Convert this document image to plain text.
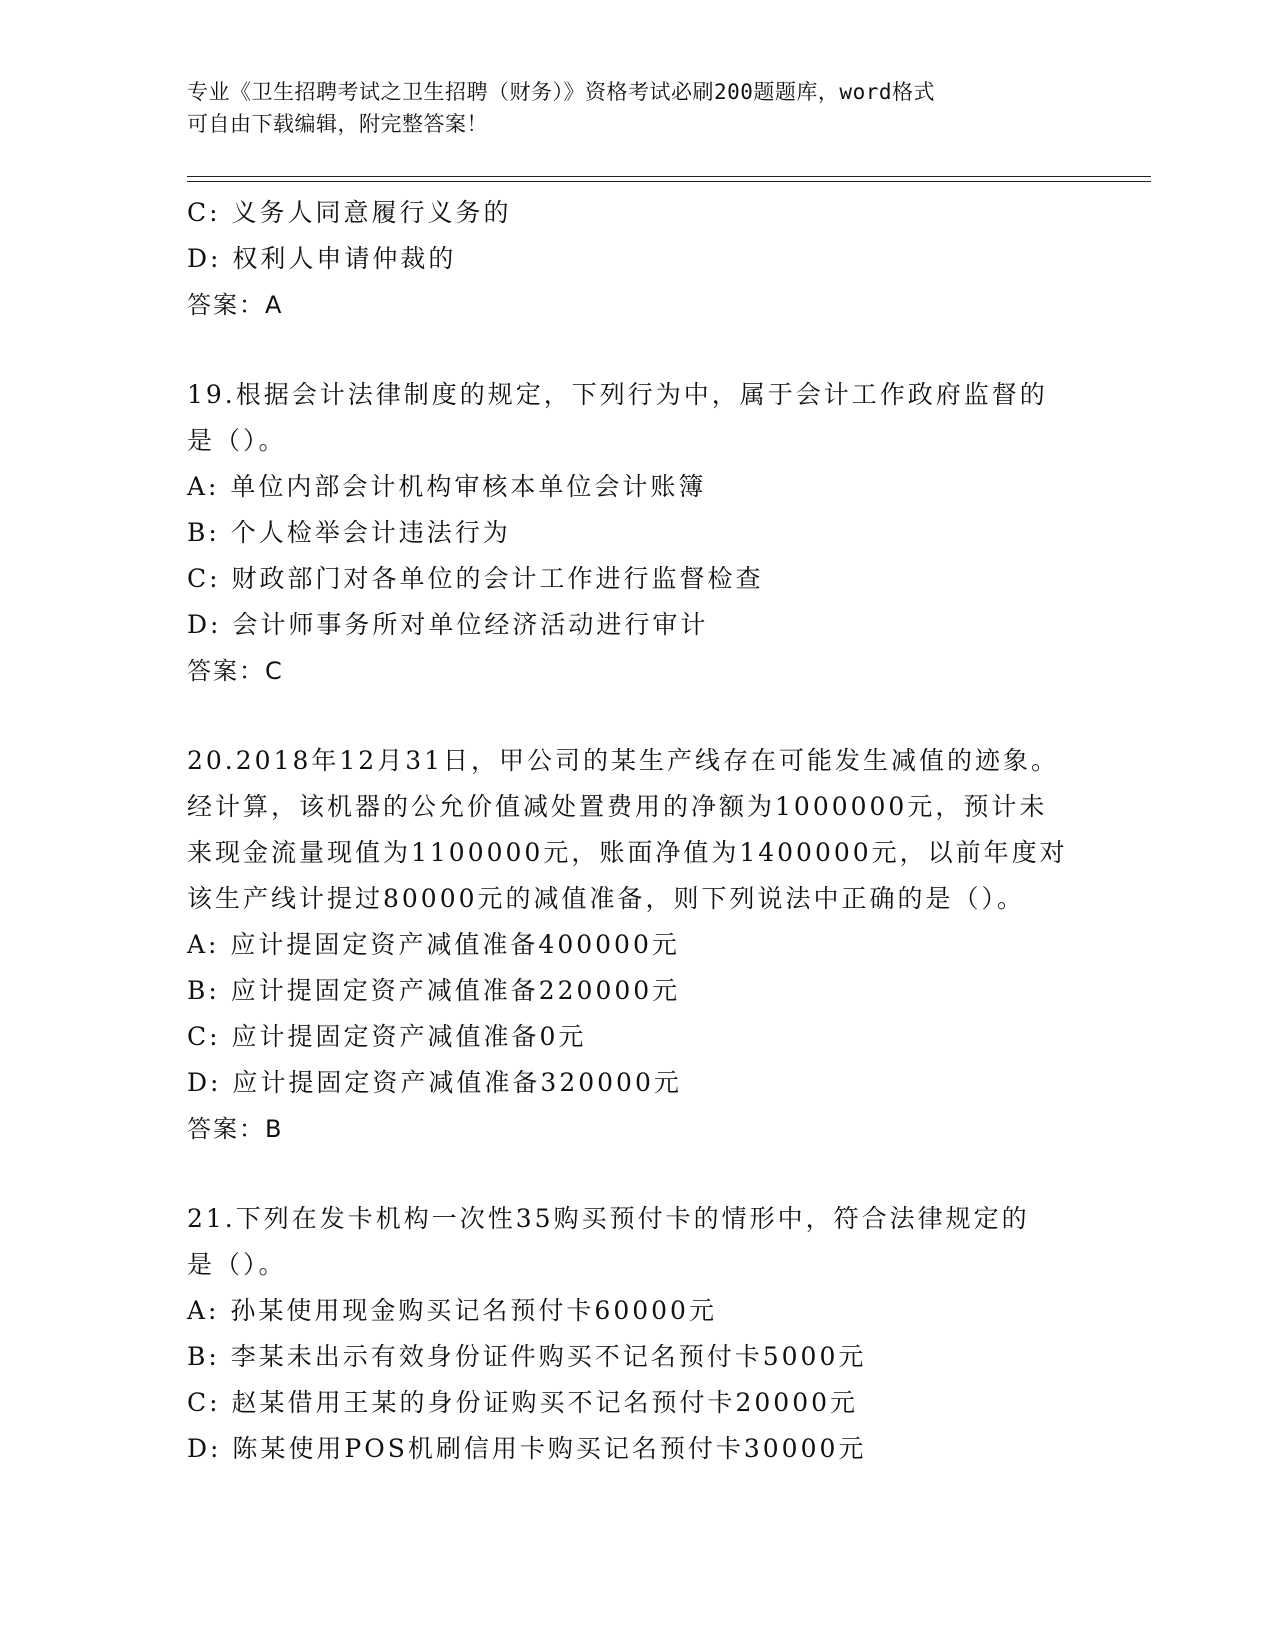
专业《卫生招聘考试之卫生招聘（财务）》资格考试必刷200题题库，word格式
可自由下载编辑，附完整答案！
C: 义务人同意履行义务的
D: 权利人申请仲裁的
答案：A
19.根据会计法律制度的规定，下列行为中，属于会计工作政府监督的
是（）。
A: 单位内部会计机构审核本单位会计账簿
B: 个人检举会计违法行为
C: 财政部门对各单位的会计工作进行监督检查
D: 会计师事务所对单位经济活动进行审计
答案：C
20.2018年12月31日，甲公司的某生产线存在可能发生减值的迹象。
经计算，该机器的公允价值减处置费用的净额为1000000元，预计未
来现金流量现值为1100000元，账面净值为1400000元，以前年度对
该生产线计提过80000元的减值准备，则下列说法中正确的是（）。
A: 应计提固定资产减值准备400000元
B: 应计提固定资产减值准备220000元
C: 应计提固定资产减值准备0元
D: 应计提固定资产减值准备320000元
答案：B
21.下列在发卡机构一次性35购买预付卡的情形中，符合法律规定的
是（）。
A: 孙某使用现金购买记名预付卡60000元
B: 李某未出示有效身份证件购买不记名预付卡5000元
C: 赵某借用王某的身份证购买不记名预付卡20000元
D: 陈某使用POS机刷信用卡购买记名预付卡30000元
